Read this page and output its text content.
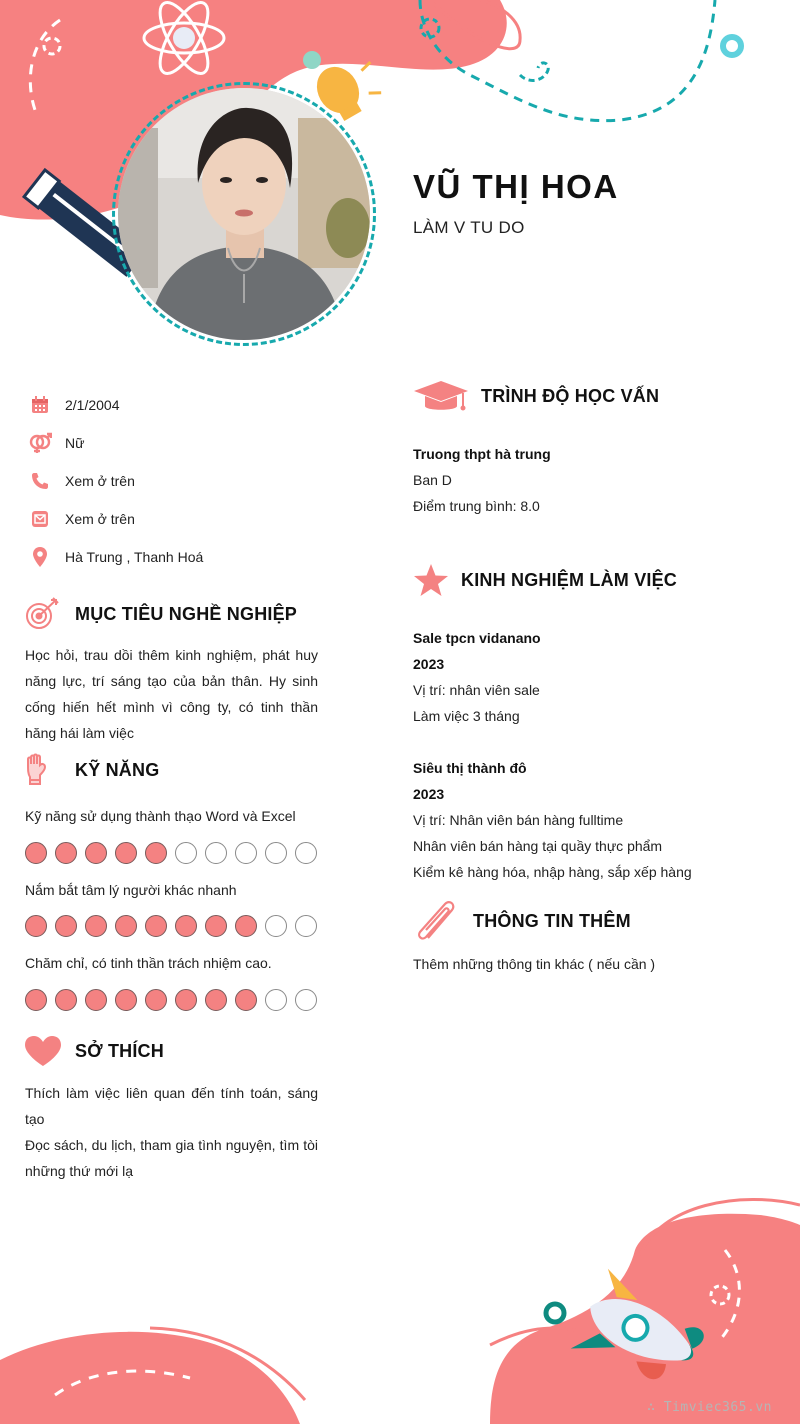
VŨ THỊ HOA
LÀM V TU DO
2/1/2004
Nữ
Xem ở trên
Xem ở trên
Hà Trung , Thanh Hoá
MỤC TIÊU NGHỀ NGHIỆP
Học hỏi, trau dồi thêm kinh nghiệm, phát huy năng lực, trí sáng tạo của bản thân. Hy sinh cống hiến hết mình vì công ty, có tinh thần hăng hái làm việc
KỸ NĂNG
Kỹ năng sử dụng thành thạo Word và Excel
Nắm bắt tâm lý người khác nhanh
Chăm chỉ, có tinh thần trách nhiệm cao.
SỞ THÍCH
Thích làm việc liên quan đến tính toán, sáng tạo
Đọc sách, du lịch, tham gia tình nguyện, tìm tòi những thứ mới lạ
TRÌNH ĐỘ HỌC VẤN
Truong thpt hà trung
Ban D
Điểm trung bình: 8.0
KINH NGHIỆM LÀM VIỆC
Sale tpcn vidanano
2023
Vị trí: nhân viên sale
Làm việc 3 tháng
Siêu thị thành đô
2023
Vị trí: Nhân viên bán hàng fulltime
Nhân viên bán hàng tại quầy thực phẩm
Kiểm kê hàng hóa, nhập hàng, sắp xếp hàng
THÔNG TIN THÊM
Thêm những thông tin khác ( nếu cần )
∴ Timviec365.vn
